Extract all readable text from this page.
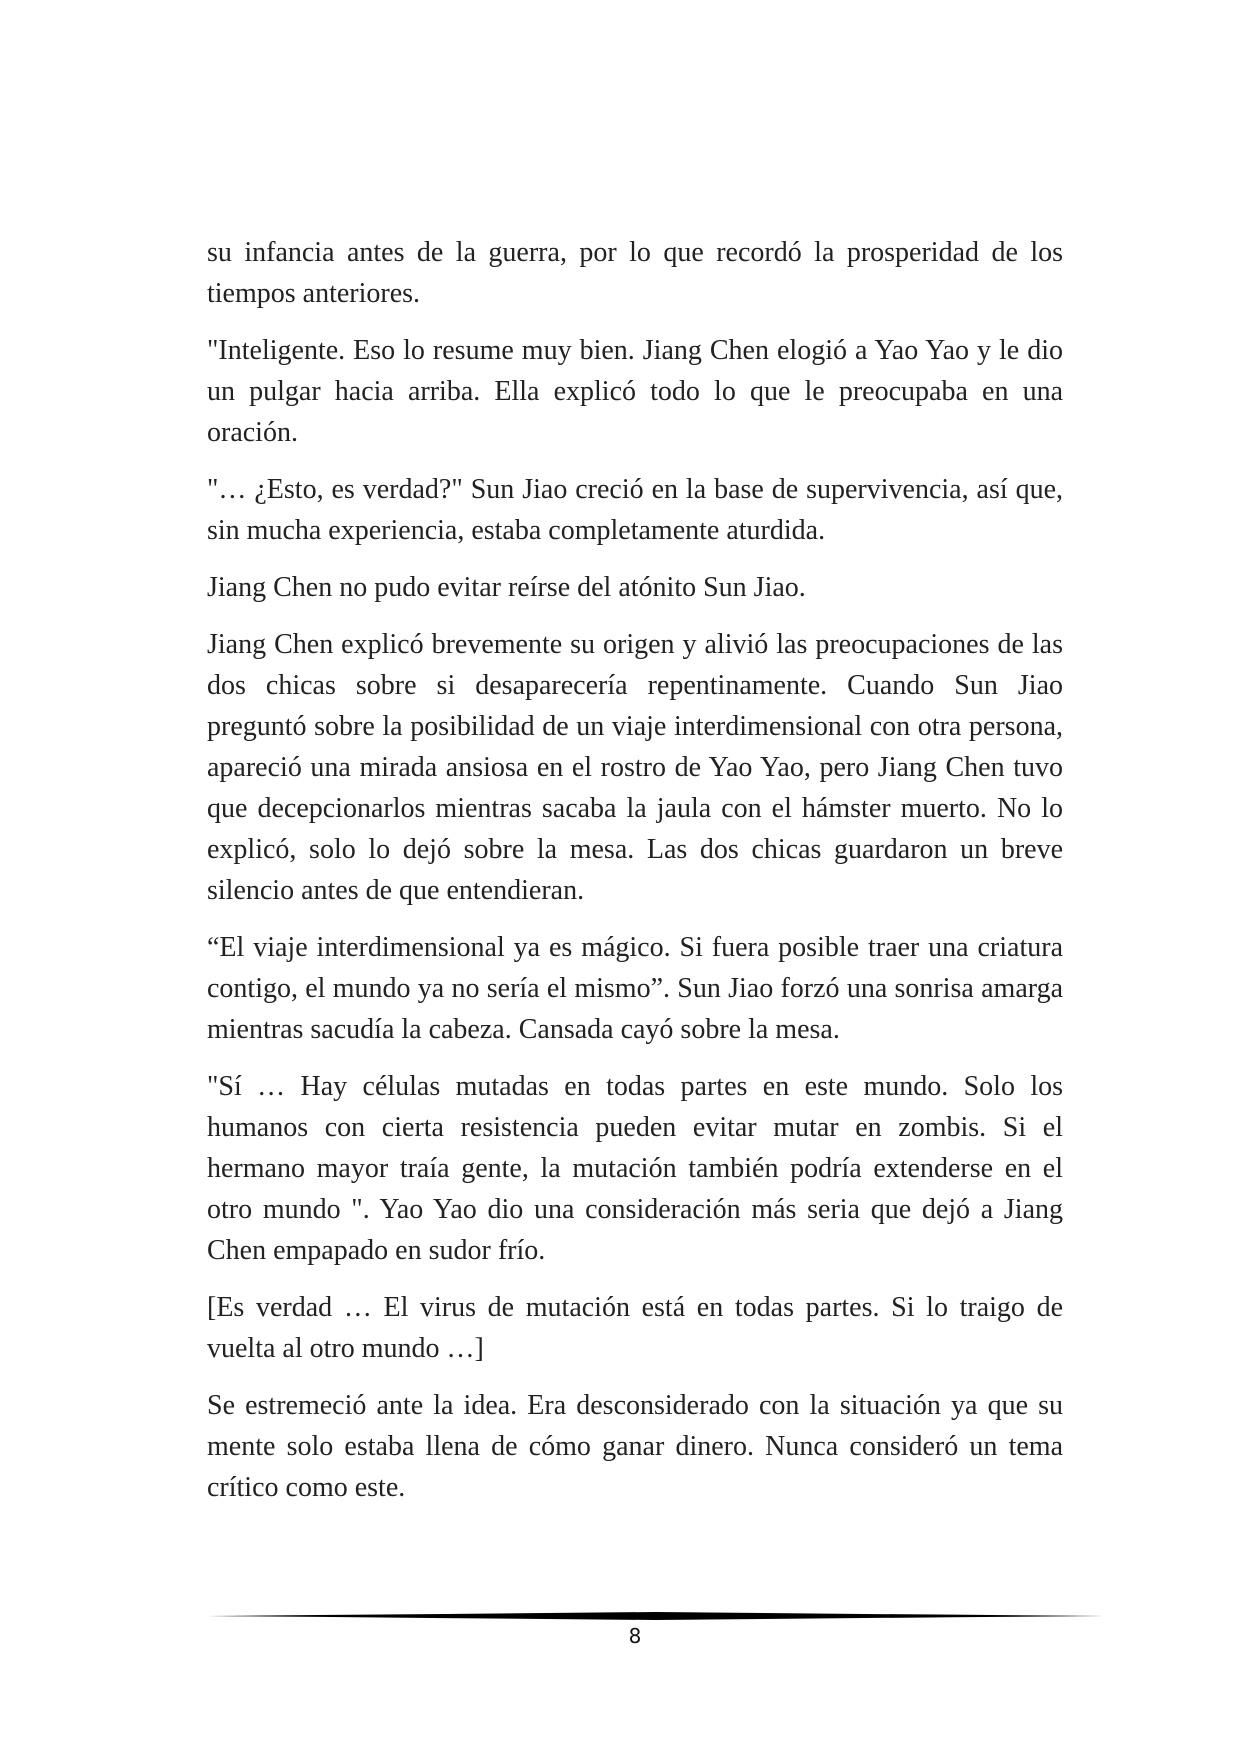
su infancia antes de la guerra, por lo que recordó la prosperidad de los tiempos anteriores.

"Inteligente. Eso lo resume muy bien. Jiang Chen elogió a Yao Yao y le dio un pulgar hacia arriba. Ella explicó todo lo que le preocupaba en una oración.

"… ¿Esto, es verdad?" Sun Jiao creció en la base de supervivencia, así que, sin mucha experiencia, estaba completamente aturdida.

Jiang Chen no pudo evitar reírse del atónito Sun Jiao.

Jiang Chen explicó brevemente su origen y alivió las preocupaciones de las dos chicas sobre si desaparecería repentinamente. Cuando Sun Jiao preguntó sobre la posibilidad de un viaje interdimensional con otra persona, apareció una mirada ansiosa en el rostro de Yao Yao, pero Jiang Chen tuvo que decepcionarlos mientras sacaba la jaula con el hámster muerto. No lo explicó, solo lo dejó sobre la mesa. Las dos chicas guardaron un breve silencio antes de que entendieran.

“El viaje interdimensional ya es mágico. Si fuera posible traer una criatura contigo, el mundo ya no sería el mismo”. Sun Jiao forzó una sonrisa amarga mientras sacudía la cabeza. Cansada cayó sobre la mesa.

"Sí … Hay células mutadas en todas partes en este mundo. Solo los humanos con cierta resistencia pueden evitar mutar en zombis. Si el hermano mayor traía gente, la mutación también podría extenderse en el otro mundo ". Yao Yao dio una consideración más seria que dejó a Jiang Chen empapado en sudor frío.

[Es verdad … El virus de mutación está en todas partes. Si lo traigo de vuelta al otro mundo …]

Se estremeció ante la idea. Era desconsiderado con la situación ya que su mente solo estaba llena de cómo ganar dinero. Nunca consideró un tema crítico como este.

8
